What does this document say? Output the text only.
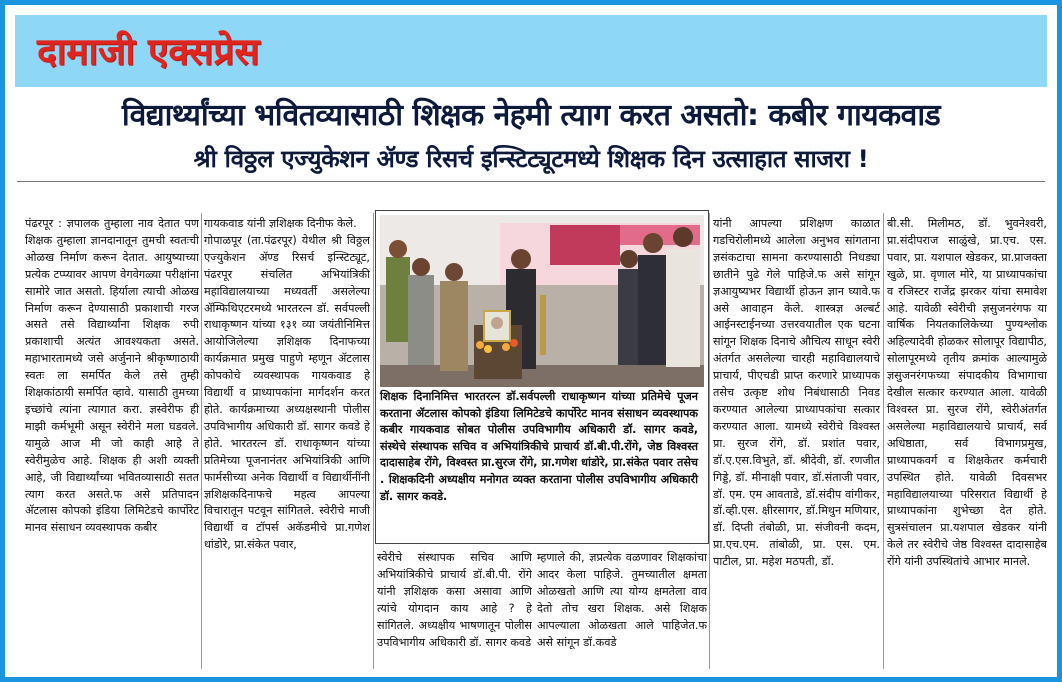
दामाजी एक्सप्रेस
विद्यार्थ्यांच्या भवितव्यासाठी शिक्षक नेहमी त्याग करत असतो: कबीर गायकवाड
श्री विठ्ठल एज्युकेशन ॲण्ड रिसर्च इन्स्टिट्यूटमध्ये शिक्षक दिन उत्साहात साजरा !
पंढरपूर : ज्ञपालक तुम्हाला नाव देतात पण शिक्षक तुम्हाला ज्ञानदानातून तुमची स्वतःची ओळख निर्माण करून देतात. आयुष्याच्या प्रत्येक टप्प्यावर आपण वेगवेगळ्या परीक्षांना सामोरे जात असतो. हिर्याला त्याची ओळख निर्माण करून देण्यासाठी प्रकाशाची गरज असते तसे विद्यार्थ्यांना शिक्षक रुपी प्रकाशाची अत्यंत आवश्यकता असते. महाभारतामध्ये जसे अर्जुनाने श्रीकृष्णाठायी स्वतः ला समर्पित केले तसे तुम्ही शिक्षकांठायी समर्पित व्हावे. यासाठी तुमच्या इच्छांचे त्यांना त्यागात करा. ज्ञस्वेरीफ ही माझी कर्मभूमी असून स्वेरीने मला घडवले. यामुळे आज मी जो काही आहे ते स्वेरीमुळेच आहे. शिक्षक ही अशी व्यक्ती आहे, जी विद्यार्थ्यांच्या भवितव्यासाठी सतत त्याग करत असते.फ असे प्रतिपादन ॲटलास कोपको इंडिया लिमिटेडचे कार्पोरेट मानव संसाधन व्यवस्थापक कबीर
गायकवाड यांनी ज्ञशिक्षक दिनीफ केले.
गोपाळपूर (ता.पंढरपूर) येथील श्री विठ्ठल एज्युकेशन ॲण्ड रिसर्च इन्स्टिट्यूट, पंढरपूर संचलित अभियांत्रिकी महाविद्यालयाच्या मध्यवर्ती असलेल्या ॲम्फिथिएटरमध्ये भारतरत्न डॉ. सर्वपल्ली राधाकृष्णन यांच्या १३१ व्या जयंतीनिमित्त आयोजिलेल्या ज्ञशिक्षक दिनाफच्या कार्यक्रमात प्रमुख पाहुणे म्हणून ॲटलास कोपकोचे व्यवस्थापक गायकवाड हे विद्यार्थी व प्राध्यापकांना मार्गदर्शन करत होते. कार्यक्रमाच्या अध्यक्षस्थानी पोलीस उपविभागीय अधिकारी डॉ. सागर कवडे हे होते. भारतरत्न डॉ. राधाकृष्णन यांच्या प्रतिमेच्या पूजनानंतर अभियांत्रिकी आणि फार्मसीच्या अनेक विद्यार्थी व विद्यार्थीनींनी ज्ञशिक्षकदिनाफचे महत्व आपल्या विचारातून पटवून सांगितले. स्वेरीचे माजी विद्यार्थी व टॉपर्स अकॅडमीचे प्रा.गणेश धांडोरे, प्रा.संकेत पवार,
शिक्षक दिनानिमित्त भारतरत्न डॉ.सर्वपल्ली राधाकृष्णन यांच्या प्रतिमेचे पूजन करताना ॲटलास कोपको इंडिया लिमिटेडचे कार्पोरेट मानव संसाधन व्यवस्थापक कबीर गायकवाड सोबत पोलीस उपविभागीय अधिकारी डॉ. सागर कवडे, संस्थेचे संस्थापक सचिव व अभियांत्रिकीचे प्राचार्य डॉ.बी.पी.रोंगे, जेष्ठ विश्वस्त दादासाहेब रोंगे, विश्वस्त प्रा.सुरज रोंगे, प्रा.गणेश धांडोरे, प्रा.संकेत पवार तसेच . शिक्षकदिनी अध्यक्षीय मनोगत व्यक्त करताना पोलीस उपविभागीय अधिकारी डॉ. सागर कवडे.
स्वेरीचे संस्थापक सचिव आणि अभियांत्रिकीचे प्राचार्य डॉ.बी.पी. रोंगे यांनी ज्ञशिक्षक कसा असावा आणि त्यांचे योगदान काय आहे ? हे सांगितले. अध्यक्षीय भाषणातून पोलीस उपविभागीय अधिकारी डॉ. सागर कवडे
म्हणाले की, ज्ञप्रत्येक वळणावर शिक्षकांचा आदर केला पाहिजे. तुमच्यातील क्षमता ओळखतो आणि त्या योग्य क्षमतेला वाव देतो तोच खरा शिक्षक. असे शिक्षक आपल्याला ओळखता आले पाहिजेत.फ असे सांगून डॉ.कवडे
यांनी आपल्या प्रशिक्षण काळात गडचिरोलीमध्ये आलेला अनुभव सांगताना ज्ञसंकटाचा सामना करण्यासाठी निधड्या छातीने पुढे गेले पाहिजे.फ असे सांगून ज्ञआयुष्यभर विद्यार्थी होऊन ज्ञान घ्यावे.फ असे आवाहन केले. शास्त्रज्ञ अल्बर्ट आईनस्टाईनच्या उत्तरवयातील एक घटना सांगून शिक्षक दिनाचे औचित्य साधून स्वेरी अंतर्गत असलेल्या चारही महाविद्यालयाचे प्राचार्य, पीएचडी प्राप्त करणारे प्राध्यापक तसेच उत्कृष्ट शोध निबंधासाठी निवड करण्यात आलेल्या प्राध्यापकांचा सत्कार करण्यात आला. यामध्ये स्वेरीचे विश्वस्त प्रा. सुरज रोंगे, डॉ. प्रशांत पवार, डॉ.ए.एस.विभुते, डॉ. श्रीदेवी, डॉ. रणजीत गिड्डे, डॉ. मीनाक्षी पवार, डॉ.संताजी पवार, डॉ. एम. एम आवताडे, डॉ.संदीप वांगीकर, डॉ.व्ही.एस. क्षीरसागर, डॉ.मिथुन मणियार, डॉ. दिप्ती तंबोळी, प्रा. संजीवनी कदम, प्रा.एच.एम. तांबोळी, प्रा. एस. एम. पाटील, प्रा. महेश मठपती, डॉ.
बी.सी. मिलीमठ, डॉ. भुवनेश्वरी, प्रा.संदीपराज साळुंखे, प्रा.एच. एस. पवार, प्रा. यशपाल खेडकर, प्रा.प्राजक्ता खुळे, प्रा. वृणाल मोरे, या प्राध्यापकांचा व रजिस्टर राजेंद्र झरकर यांचा समावेश आहे. यावेळी स्वेरीची ज्ञसुजनरंगफ या वार्षिक नियतकालिकेच्या पुण्यश्लोक अहिल्यादेवी होळकर सोलापूर विद्यापीठ, सोलापूरमध्ये तृतीय क्रमांक आल्यामुळे ज्ञसुजनरंगफच्या संपादकीय विभागाचा देखील सत्कार करण्यात आला. यावेळी विश्वस्त प्रा. सुरज रोंगे, स्वेरीअंतर्गत असलेल्या महाविद्यालयाचे प्राचार्य, सर्व अधिष्ठाता, सर्व विभागप्रमुख, प्राध्यापकवर्ग व शिक्षकेतर कर्मचारी उपस्थित होते. यावेळी दिवसभर महाविद्यालयाच्या परिसरात विद्यार्थी हे प्राध्यापकांना शुभेच्छा देत होते. सुत्रसंचालन प्रा.यशपाल खेडकर यांनी केले तर स्वेरीचे जेष्ठ विश्वस्त दादासाहेब रोंगे यांनी उपस्थितांचे आभार मानले.
